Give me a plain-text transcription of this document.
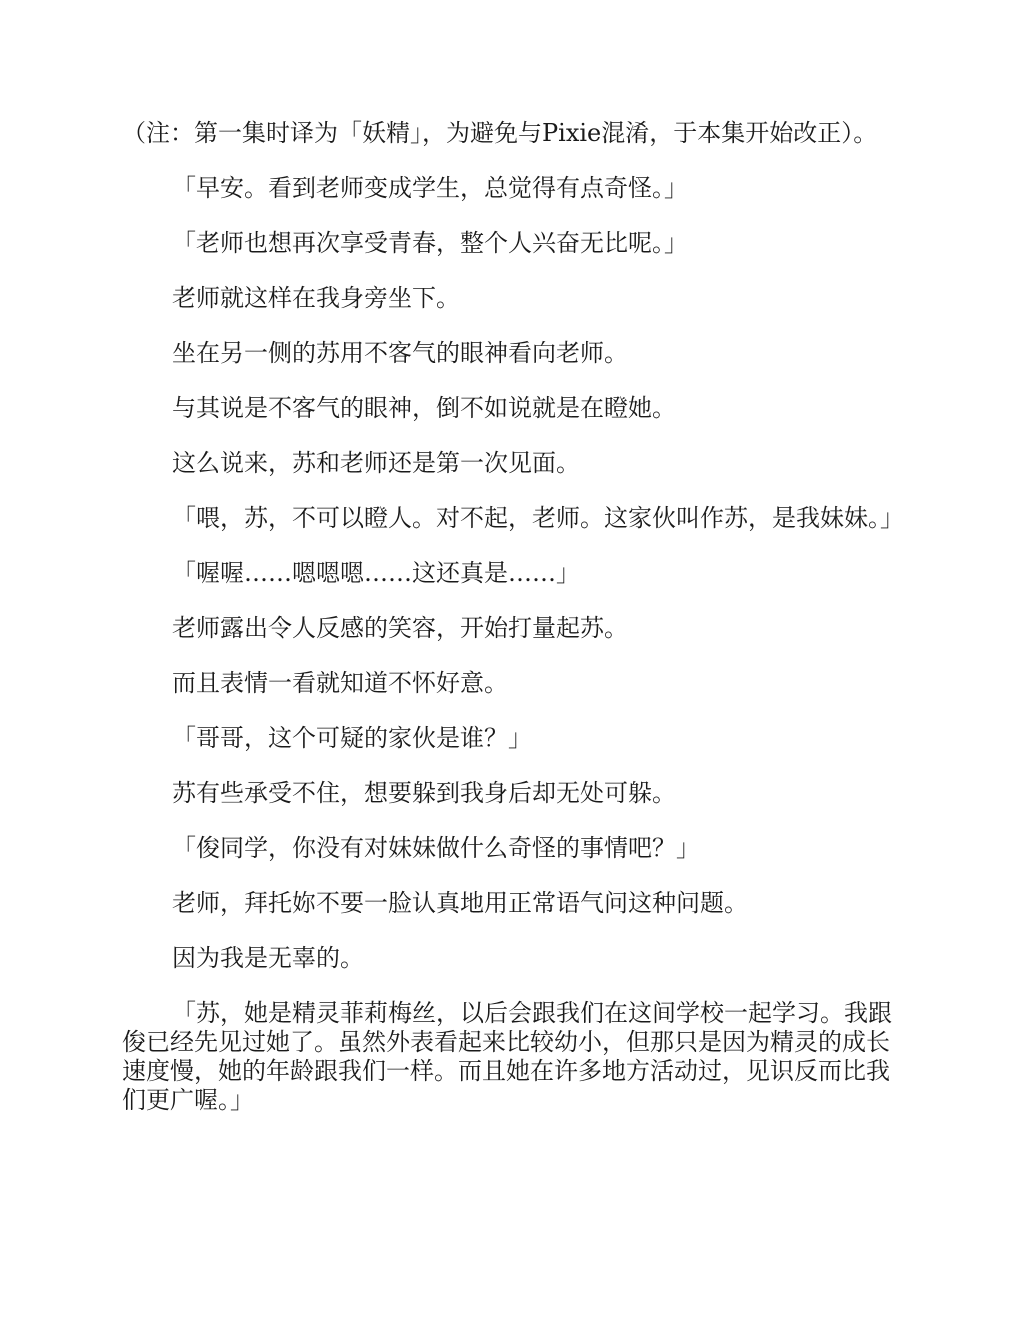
（注：第一集时译为「妖精」，为避免与Pixie混淆，于本集开始改正）。

「早安。看到老师变成学生，总觉得有点奇怪。」

「老师也想再次享受青春，整个人兴奋无比呢。」

老师就这样在我身旁坐下。

坐在另一侧的苏用不客气的眼神看向老师。

与其说是不客气的眼神，倒不如说就是在瞪她。

这么说来，苏和老师还是第一次见面。

「喂，苏，不可以瞪人。对不起，老师。这家伙叫作苏，是我妹妹。」

「喔喔……嗯嗯嗯……这还真是……」

老师露出令人反感的笑容，开始打量起苏。

而且表情一看就知道不怀好意。

「哥哥，这个可疑的家伙是谁？」

苏有些承受不住，想要躲到我身后却无处可躲。

「俊同学，你没有对妹妹做什么奇怪的事情吧？」

老师，拜托妳不要一脸认真地用正常语气问这种问题。

因为我是无辜的。

「苏，她是精灵菲莉梅丝，以后会跟我们在这间学校一起学习。我跟俊已经先见过她了。虽然外表看起来比较幼小，但那只是因为精灵的成长速度慢，她的年龄跟我们一样。而且她在许多地方活动过，见识反而比我们更广喔。」
